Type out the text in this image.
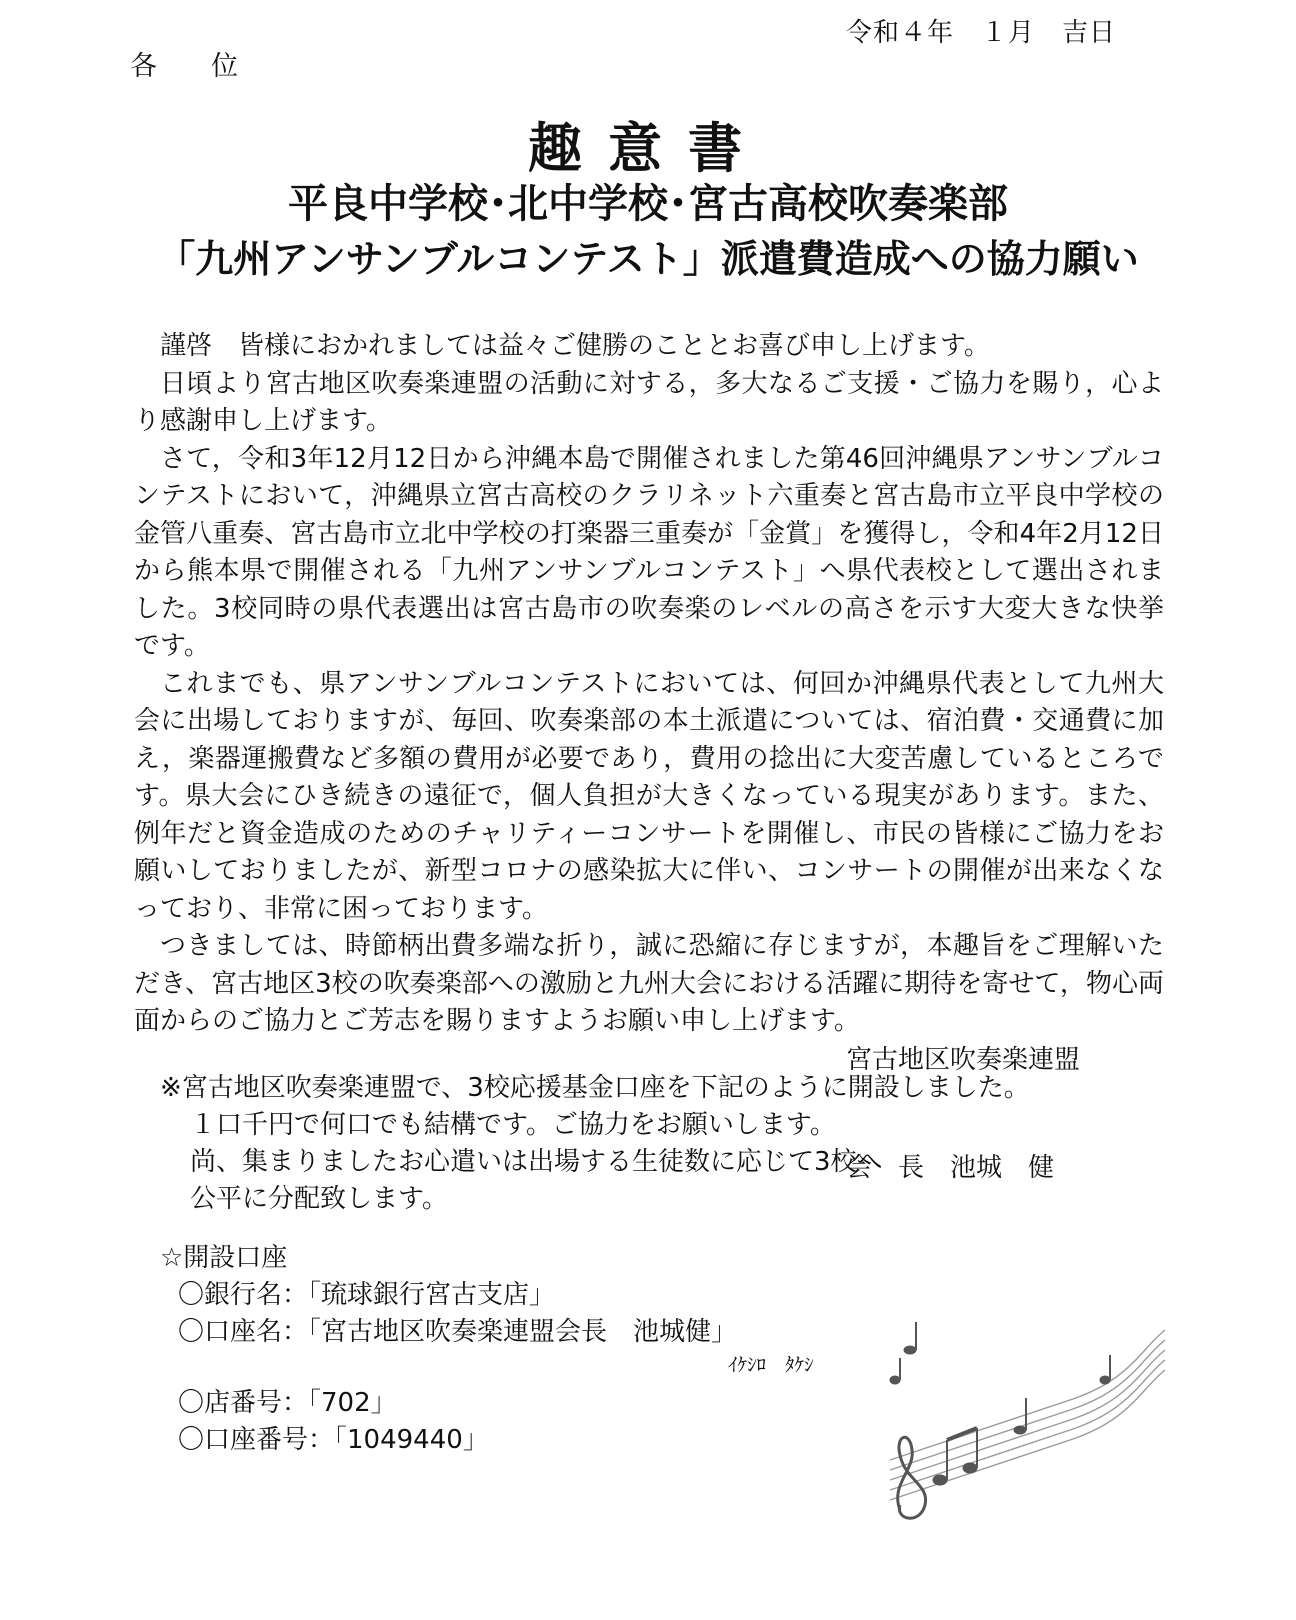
令和４年　１月　吉日
各　　位
趣意書
平良中学校･北中学校･宮古高校吹奏楽部
「九州アンサンブルコンテスト」派遣費造成への協力願い

謹啓　皆様におかれましては益々ご健勝のこととお喜び申し上げます。

日頃より宮古地区吹奏楽連盟の活動に対する，多大なるご支援・ご協力を賜り，心より感謝申し上げます。

さて，令和3年12月12日から沖縄本島で開催されました第46回沖縄県アンサンブルコンテストにおいて，沖縄県立宮古高校のクラリネット六重奏と宮古島市立平良中学校の金管八重奏、宮古島市立北中学校の打楽器三重奏が「金賞」を獲得し，令和4年2月12日から熊本県で開催される「九州アンサンブルコンテスト」へ県代表校として選出されました。3校同時の県代表選出は宮古島市の吹奏楽のレベルの高さを示す大変大きな快挙です。

これまでも、県アンサンブルコンテストにおいては、何回か沖縄県代表として九州大会に出場しておりますが、毎回、吹奏楽部の本土派遣については、宿泊費・交通費に加え，楽器運搬費など多額の費用が必要であり，費用の捻出に大変苦慮しているところです。県大会にひき続きの遠征で，個人負担が大きくなっている現実があります。また、例年だと資金造成のためのチャリティーコンサートを開催し、市民の皆様にご協力をお願いしておりましたが、新型コロナの感染拡大に伴い、コンサートの開催が出来なくなっており、非常に困っております。

つきましては、時節柄出費多端な折り，誠に恐縮に存じますが，本趣旨をご理解いただき、宮古地区3校の吹奏楽部への激励と九州大会における活躍に期待を寄せて，物心両面からのご協力とご芳志を賜りますようお願い申し上げます。

宮古地区吹奏楽連盟

会　長　池城　健

※宮古地区吹奏楽連盟で、3校応援基金口座を下記のように開設しました。
１口千円で何口でも結構です。ご協力をお願いします。
尚、集まりましたお心遣いは出場する生徒数に応じて3校へ
公平に分配致します。
☆開設口座
〇銀行名：「琉球銀行宮古支店」
〇口座名：「宮古地区吹奏楽連盟会長　池城健」
〇店番号：「702」
〇口座番号：「1049440」
ｲｹｼﾛ　ﾀｹｼ
